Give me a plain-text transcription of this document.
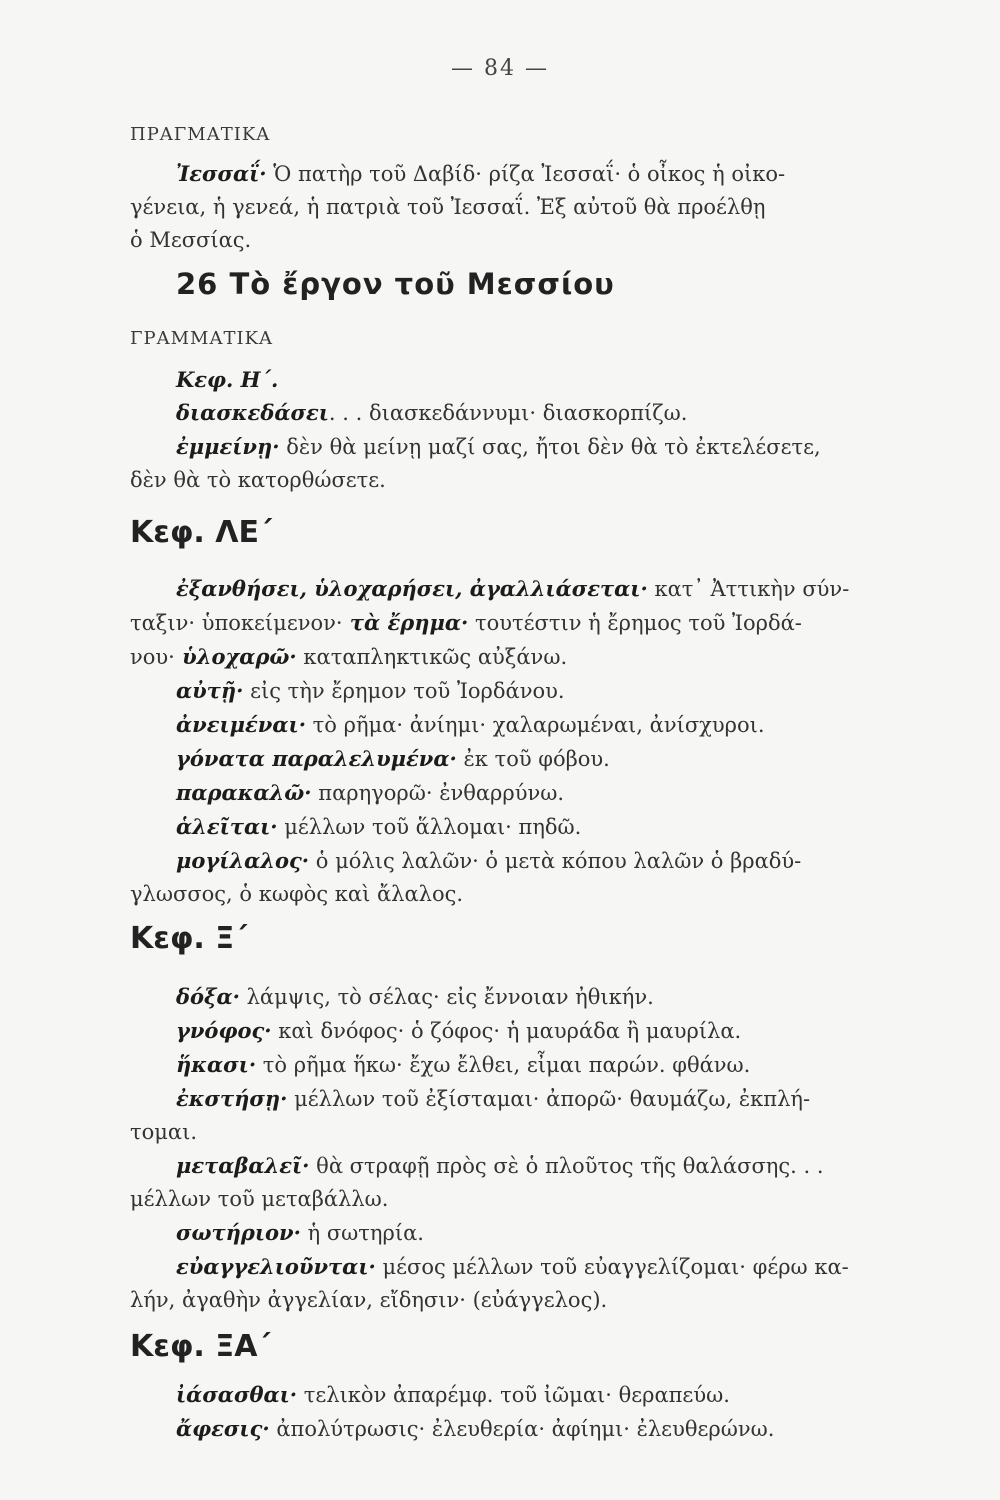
— 84 —
ΠΡΑΓΜΑΤΙΚΑ
Ἰεσσαΐ· Ὁ πατὴρ τοῦ Δαβίδ· ρίζα Ἰεσσαΐ· ὁ οἶκος ἡ οἰκο-
γένεια, ἡ γενεά, ἡ πατριὰ τοῦ Ἰεσσαΐ. Ἐξ αὐτοῦ θὰ προέλθῃ
ὁ Μεσσίας.
26 Τὸ ἔργον τοῦ Μεσσίου
ΓΡΑΜΜΑΤΙΚΑ
Κεφ. Η΄.
διασκεδάσει. . . διασκεδάννυμι· διασκορπίζω.
ἐμμείνῃ· δὲν θὰ μείνῃ μαζί σας, ἤτοι δὲν θὰ τὸ ἐκτελέσετε,
δὲν θὰ τὸ κατορθώσετε.
Κεφ. ΛΕ΄
ἐξανθήσει, ὑλοχαρήσει, ἀγαλλιάσεται· κατ᾿ Ἀττικὴν σύν-
ταξιν· ὑποκείμενον· τὰ ἔρημα· τουτέστιν ἡ ἔρημος τοῦ Ἰορδά-
νου· ὑλοχαρῶ· καταπληκτικῶς αὐξάνω.
αὐτῇ· εἰς τὴν ἔρημον τοῦ Ἰορδάνου.
ἀνειμέναι· τὸ ρῆμα· ἀνίημι· χαλαρωμέναι, ἀνίσχυροι.
γόνατα παραλελυμένα· ἐκ τοῦ φόβου.
παρακαλῶ· παρηγορῶ· ἐνθαρρύνω.
ἁλεῖται· μέλλων τοῦ ἅλλομαι· πηδῶ.
μογίλαλος· ὁ μόλις λαλῶν· ὁ μετὰ κόπου λαλῶν ὁ βραδύ-
γλωσσος, ὁ κωφὸς καὶ ἄλαλος.
Κεφ. Ξ΄
δόξα· λάμψις, τὸ σέλας· εἰς ἔννοιαν ἠθικήν.
γνόφος· καὶ δνόφος· ὁ ζόφος· ἡ μαυράδα ἢ μαυρίλα.
ἥκασι· τὸ ρῆμα ἥκω· ἔχω ἔλθει, εἶμαι παρών. φθάνω.
ἐκστήσῃ· μέλλων τοῦ ἐξίσταμαι· ἀπορῶ· θαυμάζω, ἐκπλή-
τομαι.
μεταβαλεῖ· θὰ στραφῇ πρὸς σὲ ὁ πλοῦτος τῆς θαλάσσης. . .
μέλλων τοῦ μεταβάλλω.
σωτήριον· ἡ σωτηρία.
εὐαγγελιοῦνται· μέσος μέλλων τοῦ εὐαγγελίζομαι· φέρω κα-
λήν, ἀγαθὴν ἀγγελίαν, εἴδησιν· (εὐάγγελος).
Κεφ. ΞΑ΄
ἰάσασθαι· τελικὸν ἀπαρέμφ. τοῦ ἰῶμαι· θεραπεύω.
ἄφεσις· ἀπολύτρωσις· ἐλευθερία· ἀφίημι· ἐλευθερώνω.
